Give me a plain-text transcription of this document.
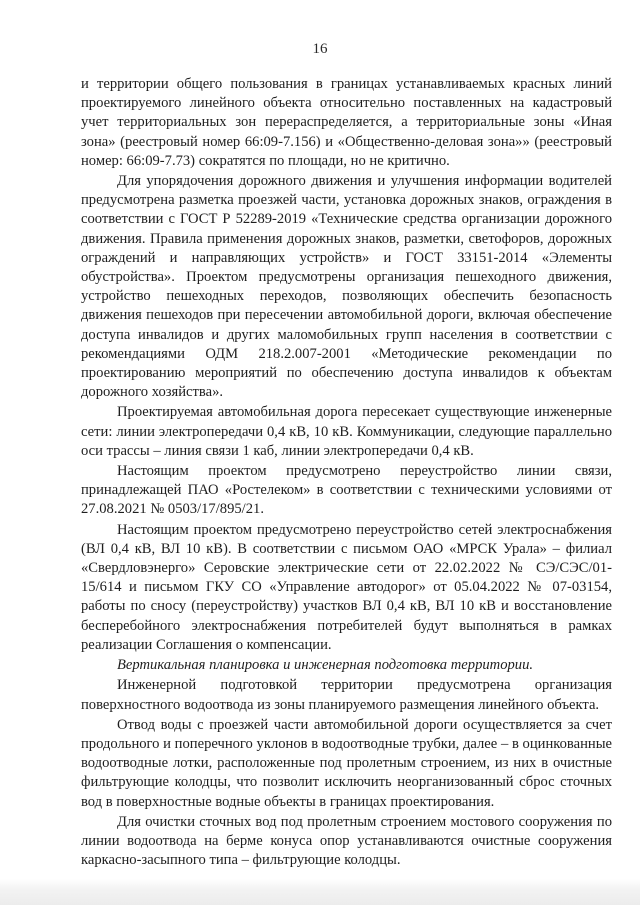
16

и территории общего пользования в границах устанавливаемых красных линий проектируемого линейного объекта относительно поставленных на кадастровый учет территориальных зон перераспределяется, а территориальные зоны «Иная зона» (реестровый номер 66:09-7.156) и «Общественно-деловая зона»» (реестровый номер: 66:09-7.73) сократятся по площади, но не критично.

Для упорядочения дорожного движения и улучшения информации водителей предусмотрена разметка проезжей части, установка дорожных знаков, ограждения в соответствии с ГОСТ Р 52289-2019 «Технические средства организации дорожного движения. Правила применения дорожных знаков, разметки, светофоров, дорожных ограждений и направляющих устройств» и ГОСТ 33151-2014 «Элементы обустройства». Проектом предусмотрены организация пешеходного движения, устройство пешеходных переходов, позволяющих обеспечить безопасность движения пешеходов при пересечении автомобильной дороги, включая обеспечение доступа инвалидов и других маломобильных групп населения в соответствии с рекомендациями ОДМ 218.2.007-2001 «Методические рекомендации по проектированию мероприятий по обеспечению доступа инвалидов к объектам дорожного хозяйства».

Проектируемая автомобильная дорога пересекает существующие инженерные сети: линии электропередачи 0,4 кВ, 10 кВ. Коммуникации, следующие параллельно оси трассы – линия связи 1 каб, линии электропередачи 0,4 кВ.

Настоящим проектом предусмотрено переустройство линии связи, принадлежащей ПАО «Ростелеком» в соответствии с техническими условиями от 27.08.2021 № 0503/17/895/21.

Настоящим проектом предусмотрено переустройство сетей электроснабжения (ВЛ 0,4 кВ, ВЛ 10 кВ). В соответствии с письмом ОАО «МРСК Урала» – филиал «Свердловэнерго» Серовские электрические сети от 22.02.2022 № СЭ/СЭС/01-15/614 и письмом ГКУ СО «Управление автодорог» от 05.04.2022 № 07-03154, работы по сносу (переустройству) участков ВЛ 0,4 кВ, ВЛ 10 кВ и восстановление бесперебойного электроснабжения потребителей будут выполняться в рамках реализации Соглашения о компенсации.

Вертикальная планировка и инженерная подготовка территории.

Инженерной подготовкой территории предусмотрена организация поверхностного водоотвода из зоны планируемого размещения линейного объекта.

Отвод воды с проезжей части автомобильной дороги осуществляется за счет продольного и поперечного уклонов в водоотводные трубки, далее – в оцинкованные водоотводные лотки, расположенные под пролетным строением, из них в очистные фильтрующие колодцы, что позволит исключить неорганизованный сброс сточных вод в поверхностные водные объекты в границах проектирования.

Для очистки сточных вод под пролетным строением мостового сооружения по линии водоотвода на берме конуса опор устанавливаются очистные сооружения каркасно-засыпного типа – фильтрующие колодцы.
